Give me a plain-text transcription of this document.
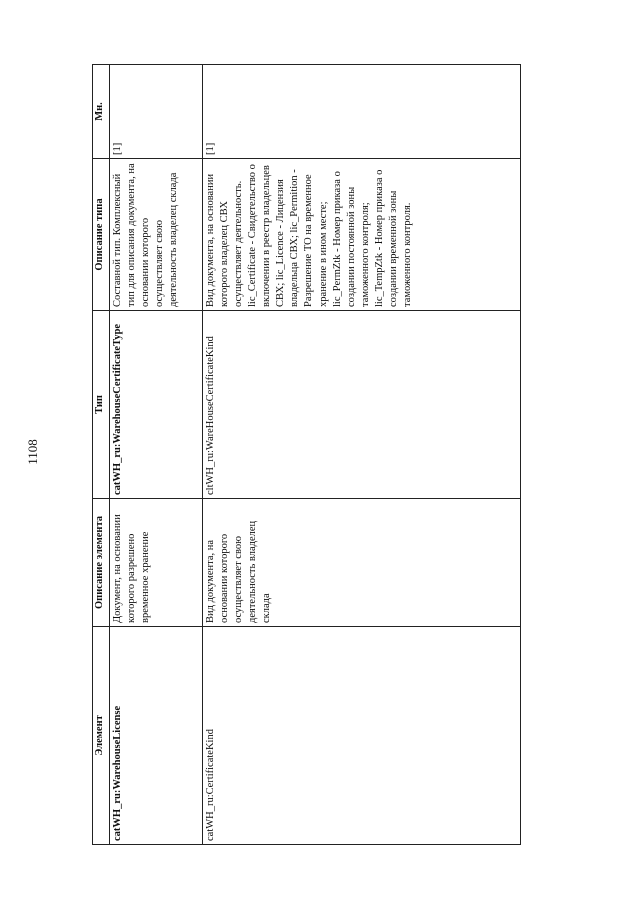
1108
Элемент	Описание элемента	Тип	Описание типа	Мн.
catWH_ru:WarehouseLicense	Документ, на основании которого разрешено временное хранение	catWH_ru:WarehouseCertificateType	Составной тип. Комплексный тип для описания документа, на основании которого осуществляет свою деятельность владелец склада	[1]
catWH_ru:CertificateKind	Вид документа, на основании которого осуществляет свою деятельность владелец склада	cltWH_ru:WareHouseCertificateKind	Вид документа, на основании которого владелец СВХ осуществляет деятельность. lic_Certificate - Свидетельство о включении в реестр владельцев СВХ; lic_Licence - Лицензия владельца СВХ; lic_Permition - Разрешение ТО на временное хранение в ином месте; lic_PermZtk - Номер приказа о создании постоянной зоны таможенного контроля; lic_TempZtk - Номер приказа о создании временной зоны таможенного контроля.	[1]
